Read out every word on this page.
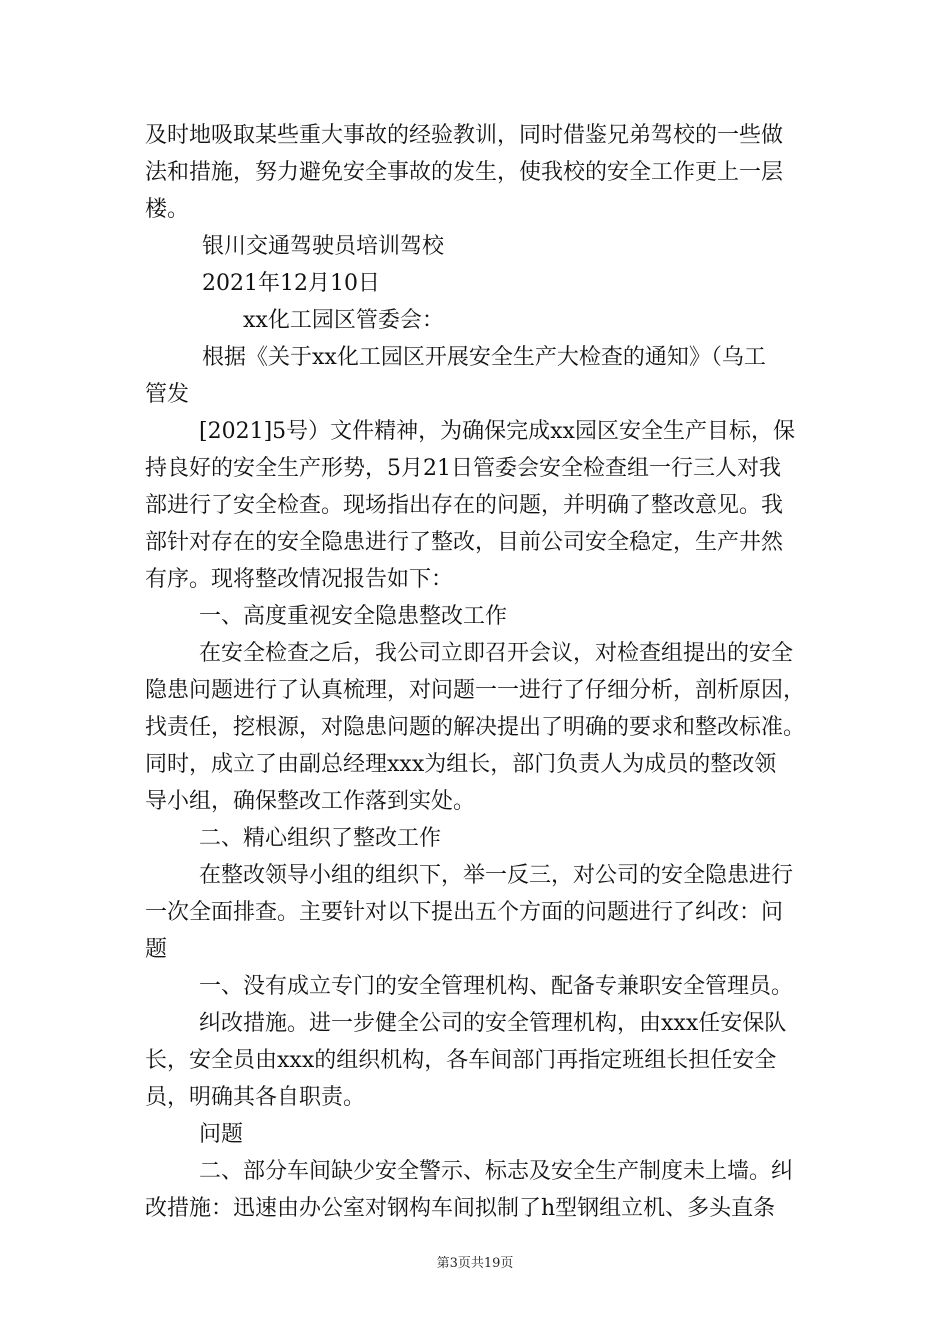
及时地吸取某些重大事故的经验教训，同时借鉴兄弟驾校的一些做
法和措施，努力避免安全事故的发生，使我校的安全工作更上一层
楼。
银川交通驾驶员培训驾校
2021年12月10日
xx化工园区管委会：
根据《关于xx化工园区开展安全生产大检查的通知》（乌工
管发
[2021]5号）文件精神，为确保完成xx园区安全生产目标，保
持良好的安全生产形势，5月21日管委会安全检查组一行三人对我
部进行了安全检查。现场指出存在的问题，并明确了整改意见。我
部针对存在的安全隐患进行了整改，目前公司安全稳定，生产井然
有序。现将整改情况报告如下：
一、高度重视安全隐患整改工作
在安全检查之后，我公司立即召开会议，对检查组提出的安全
隐患问题进行了认真梳理，对问题一一进行了仔细分析，剖析原因，
找责任，挖根源，对隐患问题的解决提出了明确的要求和整改标准。
同时，成立了由副总经理xxx为组长，部门负责人为成员的整改领
导小组，确保整改工作落到实处。
二、精心组织了整改工作
在整改领导小组的组织下，举一反三，对公司的安全隐患进行
一次全面排查。主要针对以下提出五个方面的问题进行了纠改：问
题
一、没有成立专门的安全管理机构、配备专兼职安全管理员。
纠改措施。进一步健全公司的安全管理机构，由xxx任安保队
长，安全员由xxx的组织机构，各车间部门再指定班组长担任安全
员，明确其各自职责。
问题
二、部分车间缺少安全警示、标志及安全生产制度未上墙。纠
改措施：迅速由办公室对钢构车间拟制了h型钢组立机、多头直条
第3页共19页
